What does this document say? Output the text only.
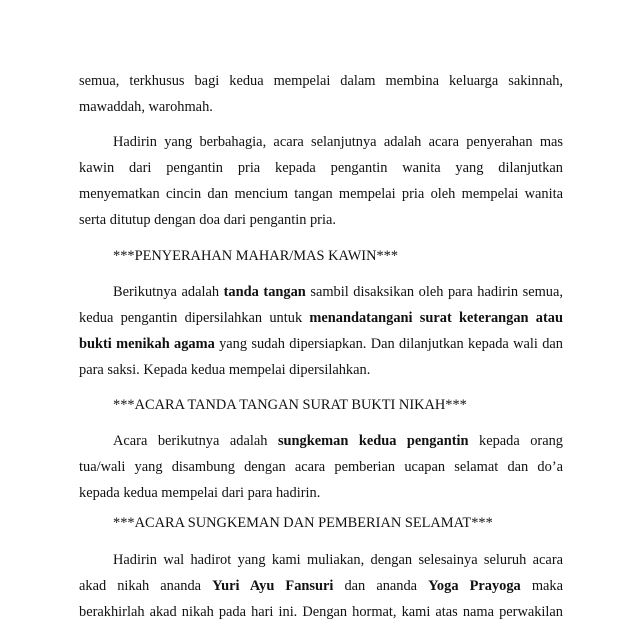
semua, terkhusus bagi kedua mempelai dalam membina keluarga sakinnah,
mawaddah, warohmah.

Hadirin yang berbahagia, acara selanjutnya adalah acara penyerahan mas
kawin dari pengantin pria kepada pengantin wanita yang dilanjutkan
menyematkan cincin dan mencium tangan mempelai pria oleh mempelai wanita
serta ditutup dengan doa dari pengantin pria.

***PENYERAHAN MAHAR/MAS KAWIN***

Berikutnya adalah tanda tangan sambil disaksikan oleh para hadirin semua,
kedua pengantin dipersilahkan untuk menandatangani surat keterangan atau
bukti menikah agama yang sudah dipersiapkan. Dan dilanjutkan kepada wali dan
para saksi. Kepada kedua mempelai dipersilahkan.

***ACARA TANDA TANGAN SURAT BUKTI NIKAH***

Acara berikutnya adalah sungkeman kedua pengantin kepada orang
tua/wali yang disambung dengan acara pemberian ucapan selamat dan do’a
kepada kedua mempelai dari para hadirin.

***ACARA SUNGKEMAN DAN PEMBERIAN SELAMAT***

Hadirin wal hadirot yang kami muliakan, dengan selesainya seluruh acara
akad nikah ananda Yuri Ayu Fansuri dan ananda Yoga Prayoga maka
berakhirlah akad nikah pada hari ini. Dengan hormat, kami atas nama perwakilan
